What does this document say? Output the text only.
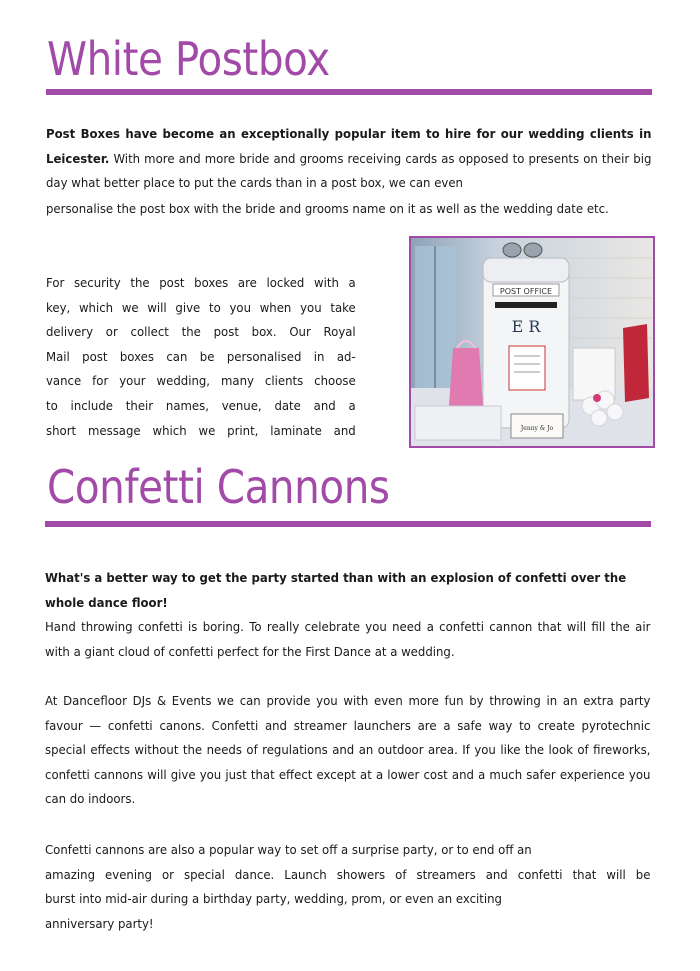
White Postbox

Post Boxes have become an exceptionally popular item to hire for our wedding clients in Leicester. With more and more bride and grooms receiving cards as opposed to presents on their big day what better place to put the cards than in a post box, we can even

personalise the post box with the bride and grooms name on it as well as the wedding date etc.

For security the post boxes are locked with a
key, which we will give to you when you take
delivery or collect the post box. Our Royal
Mail post boxes can be personalised in ad-
vance for your wedding, many clients choose
to include their names, venue, date and a
short message which we print, laminate and
POST OFFICE
E R
Jenny & Jo
Confetti Cannons

What's a better way to get the party started than with an explosion of confetti over the whole dance floor!

Hand throwing confetti is boring. To really celebrate you need a confetti cannon that will fill the air with a giant cloud of confetti perfect for the First Dance at a wedding.

At Dancefloor DJs & Events we can provide you with even more fun by throwing in an extra party favour — confetti canons. Confetti and streamer launchers are a safe way to create pyrotechnic special effects without the needs of regulations and an outdoor area. If you like the look of fireworks, confetti cannons will give you just that effect except at a lower cost and a much safer experience you can do indoors.

Confetti cannons are also a popular way to set off a surprise party, or to end off an
amazing evening or special dance. Launch showers of streamers and confetti that will be
burst into mid-air during a birthday party, wedding, prom, or even an exciting
anniversary party!
